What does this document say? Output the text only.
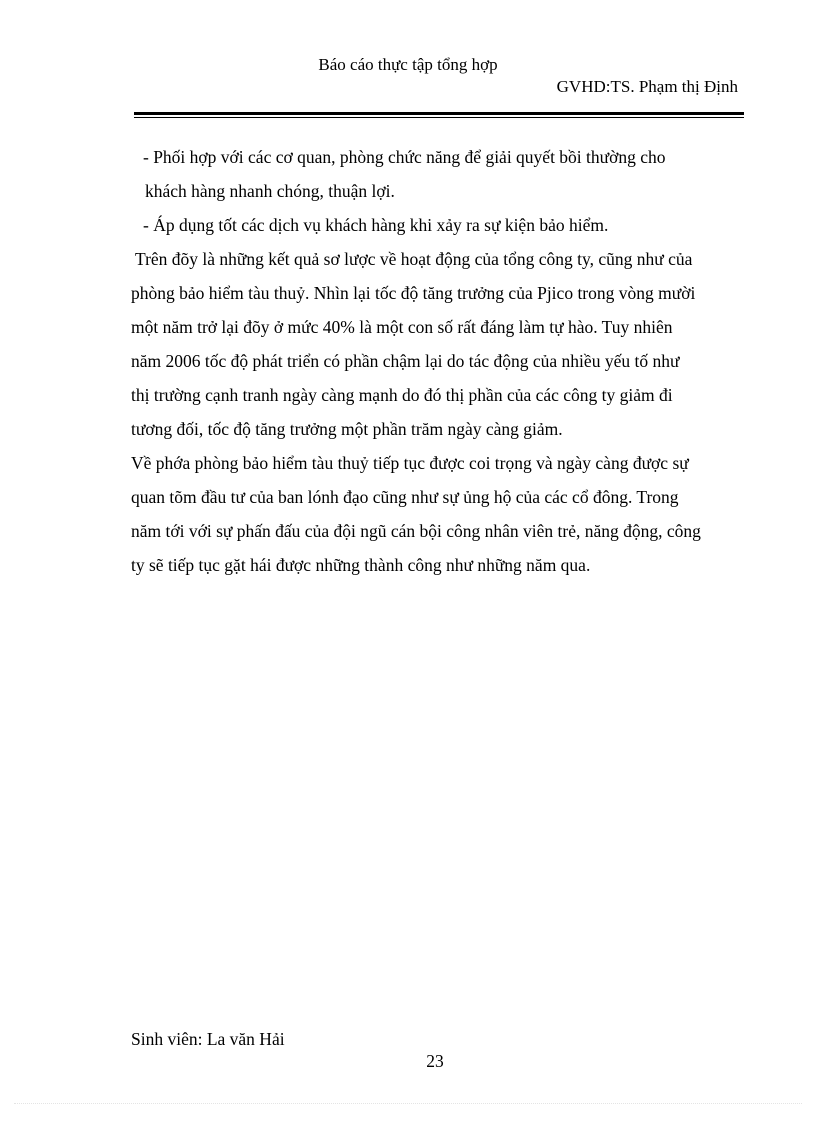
Báo cáo thực tập tổng hợp
GVHD:TS. Phạm thị Định
- Phối hợp với các cơ quan, phòng chức năng để giải quyết bồi thường cho
khách hàng nhanh chóng, thuận lợi.
- Áp dụng tốt các dịch vụ khách hàng khi xảy ra sự kiện bảo hiểm.
Trên đõy là những kết quả sơ lược về hoạt động của tổng công ty, cũng như của
phòng bảo hiểm tàu thuỷ. Nhìn lại tốc độ tăng trưởng của Pjico trong vòng mười
một năm trở lại đõy ở mức 40% là một con số rất đáng làm tự hào. Tuy nhiên
năm 2006 tốc độ phát triển có phần chậm lại do tác động của nhiều yếu tố như
thị trường cạnh tranh ngày càng mạnh do đó thị phần của các công ty giảm đi
tương đối, tốc độ tăng trưởng một phần trăm ngày càng giảm.
Về phớa phòng bảo hiểm tàu thuỷ tiếp tục được coi trọng và ngày càng được sự
quan tõm đầu tư của ban lónh đạo cũng như sự ủng hộ của các cổ đông. Trong
năm tới với sự phấn đấu của đội ngũ cán bội công nhân viên trẻ, năng động, công
ty sẽ tiếp tục gặt hái được những thành công như những năm qua.
Sinh viên: La văn Hải
23
